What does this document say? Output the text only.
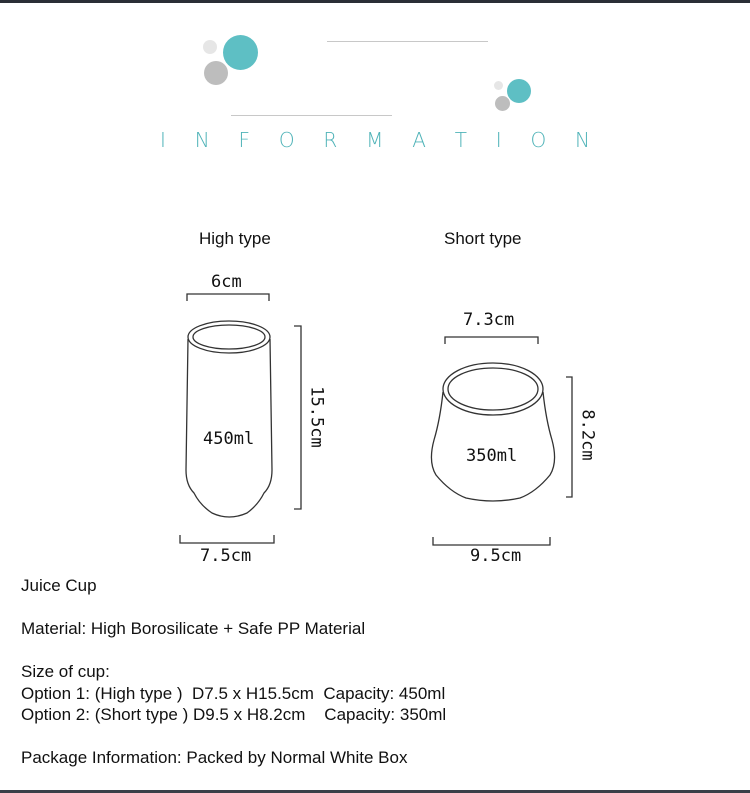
I N F O R M A T I O N
High type	Short type
6cm
15.5cm
450ml
7.5cm
7.3cm
8.2cm
350ml
9.5cm
Juice Cup
Material: High Borosilicate + Safe PP Material
Size of cup:
Option 1: (High type )  D7.5 x H15.5cm  Capacity: 450ml
Option 2: (Short type ) D9.5 x H8.2cm    Capacity: 350ml
Package Information: Packed by Normal White Box
